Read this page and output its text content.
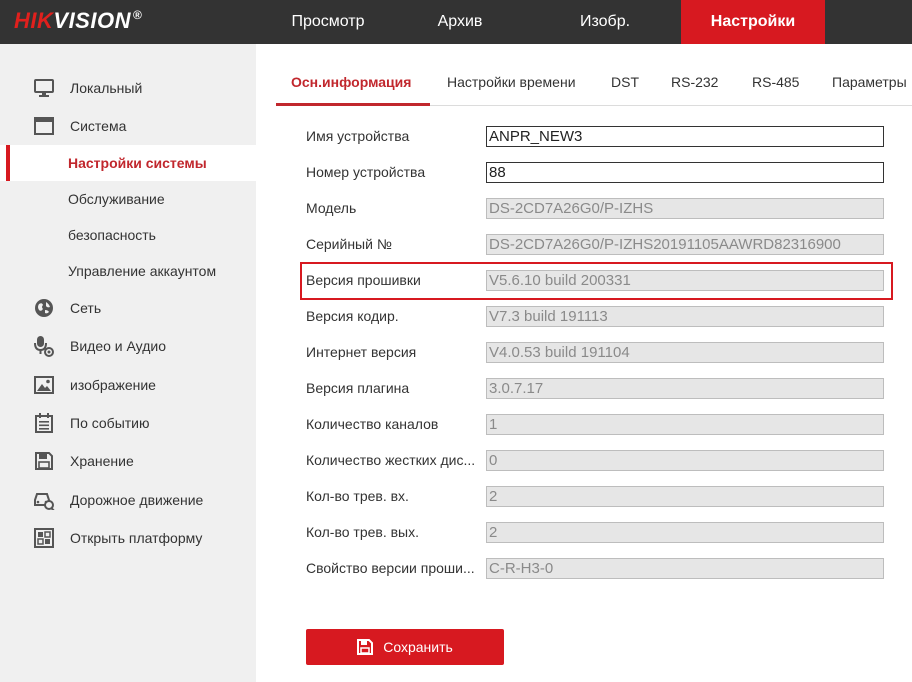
HIKVISION ®	Просмотр	Архив	Изобр.	Настройки
Локальный
Система
Настройки системы
Обслуживание
безопасность
Управление аккаунтом
Сеть
Видео и Аудио
изображение
По событию
Хранение
Дорожное движение
Открыть платформу
Осн.информация	Настройки времени	DST RS-232 RS-485 Параметры
Имя устройства
ANPR_NEW3
Номер устройства
88
Модель
DS-2CD7A26G0/P-IZHS
Серийный №
DS-2CD7A26G0/P-IZHS20191105AAWRD82316900
Версия прошивки
V5.6.10 build 200331
Версия кодир.
V7.3 build 191113
Интернет версия
V4.0.53 build 191104
Версия плагина
3.0.7.17
Количество каналов
1
Количество жестких дис...
0
Кол-во трев. вх.
2
Кол-во трев. вых.
2
Свойство версии проши...
C-R-H3-0
Сохранить
